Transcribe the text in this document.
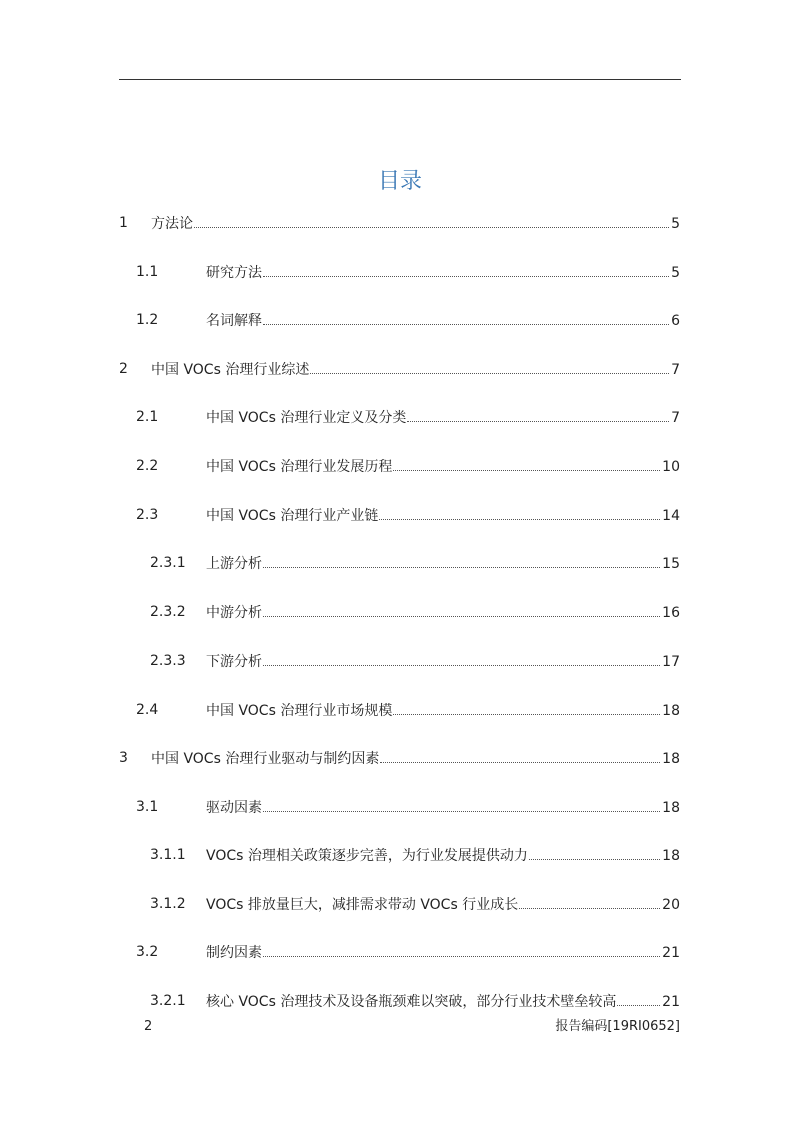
目录
1 方法论	5
1.1	研究方法	5
1.2	名词解释	6
2 中国 VOCs 治理行业综述	7
2.1	中国 VOCs 治理行业定义及分类	7
2.2	中国 VOCs 治理行业发展历程	10
2.3	中国 VOCs 治理行业产业链	14
2.3.1 上游分析	15
2.3.2 中游分析	16
2.3.3 下游分析	17
2.4	中国 VOCs 治理行业市场规模	18
3 中国 VOCs 治理行业驱动与制约因素	18
3.1	驱动因素	18
3.1.1 VOCs 治理相关政策逐步完善，为行业发展提供动力	18
3.1.2 VOCs 排放量巨大，减排需求带动 VOCs 行业成长	20
3.2	制约因素	21
3.2.1 核心 VOCs 治理技术及设备瓶颈难以突破，部分行业技术壁垒较高	21
2	报告编码[19RI0652]
